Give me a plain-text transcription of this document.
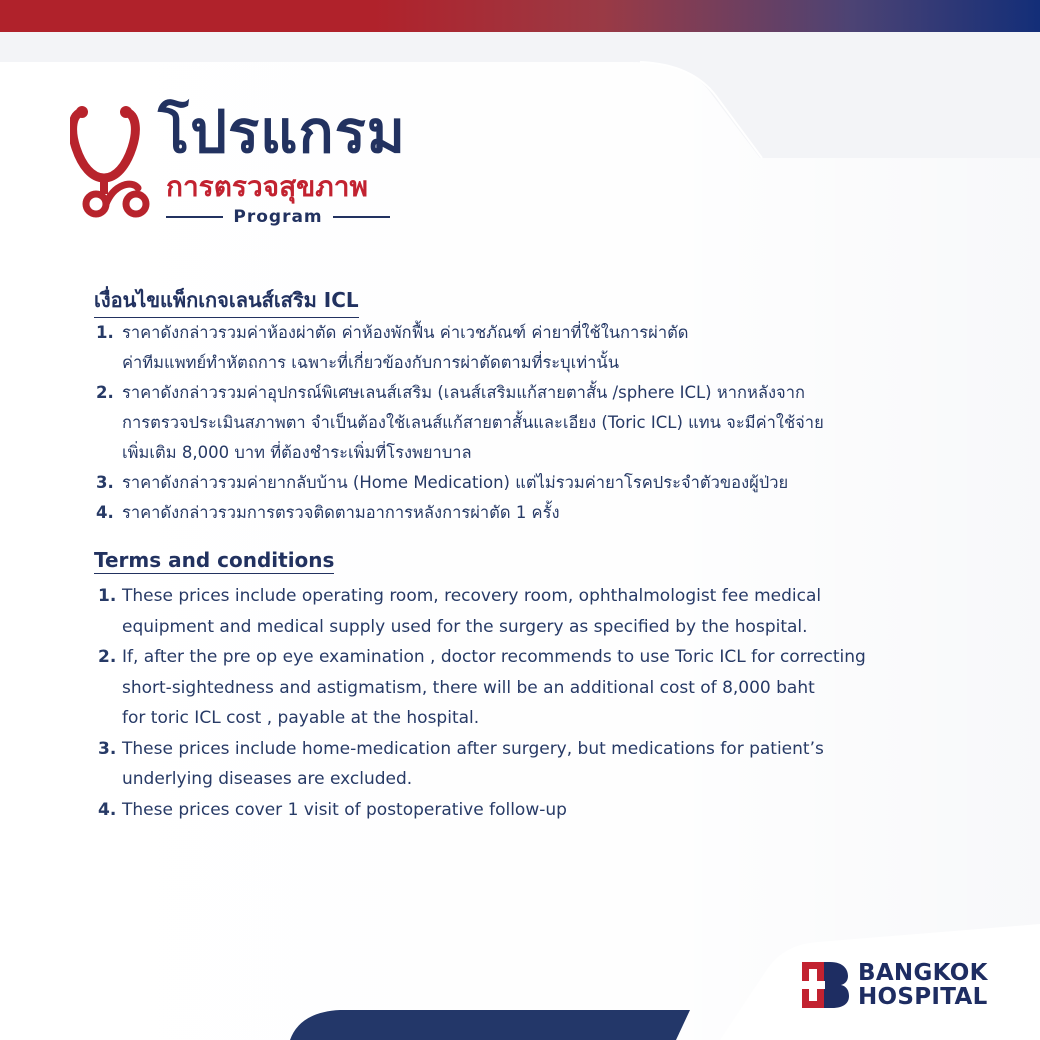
โปรแกรม
การตรวจสุขภาพ
Program
เงื่อนไขแพ็กเกจเลนส์เสริม ICL
1. ราคาดังกล่าวรวมค่าห้องผ่าตัด ค่าห้องพักฟื้น ค่าเวชภัณฑ์ ค่ายาที่ใช้ในการผ่าตัด
ค่าทีมแพทย์ทำหัตถการ เฉพาะที่เกี่ยวข้องกับการผ่าตัดตามที่ระบุเท่านั้น
2. ราคาดังกล่าวรวมค่าอุปกรณ์พิเศษเลนส์เสริม (เลนส์เสริมแก้สายตาสั้น /sphere ICL) หากหลังจาก
การตรวจประเมินสภาพตา จำเป็นต้องใช้เลนส์แก้สายตาสั้นและเอียง (Toric ICL) แทน จะมีค่าใช้จ่าย
เพิ่มเติม 8,000 บาท ที่ต้องชำระเพิ่มที่โรงพยาบาล
3. ราคาดังกล่าวรวมค่ายากลับบ้าน (Home Medication) แต่ไม่รวมค่ายาโรคประจำตัวของผู้ป่วย
4. ราคาดังกล่าวรวมการตรวจติดตามอาการหลังการผ่าตัด 1 ครั้ง
Terms and conditions
1. These prices include operating room, recovery room, ophthalmologist fee medical
equipment and medical supply used for the surgery as specified by the hospital.
2. If, after the pre op eye examination , doctor recommends to use Toric ICL for correcting
short-sightedness and astigmatism, there will be an additional cost of 8,000 baht
for toric ICL cost , payable at the hospital.
3. These prices include home-medication after surgery, but medications for patient’s
underlying diseases are excluded.
4. These prices cover 1 visit of postoperative follow-up
BANGKOK
HOSPITAL
